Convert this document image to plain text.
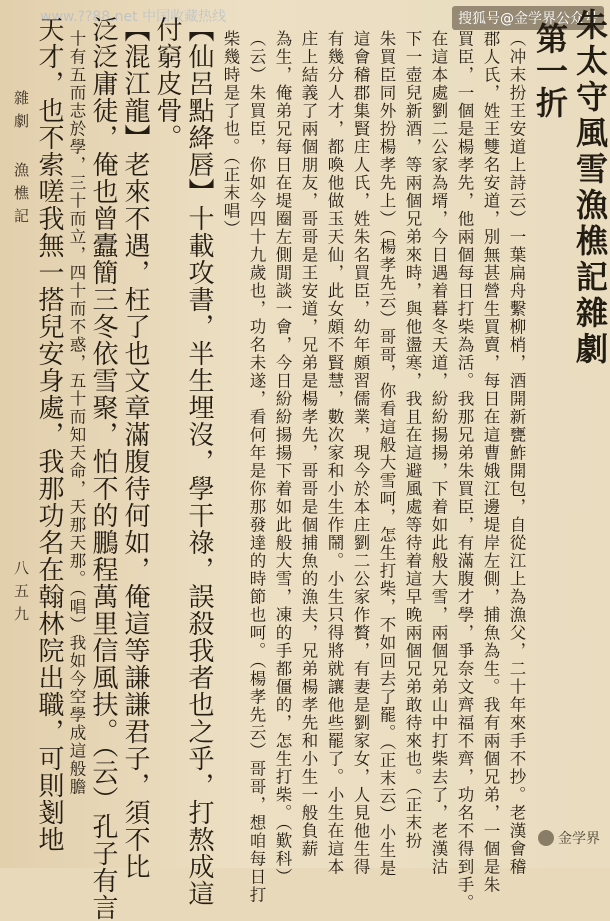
www.??88.net 中国收藏热线	搜狐号@金学界公众号
朱太守風雪漁樵記雜劇
第一折
（冲末扮王安道上詩云）一葉扁舟繫柳梢，酒開新甕鮓開包，自從江上為漁父，二十年來手不抄。老漢會稽
郡人氏，姓王雙名安道，別無甚營生買賣，每日在這曹娥江邊堤岸左側，捕魚為生。我有兩個兄弟，一個是朱
買臣，一個是楊孝先，他兩個每日打柴為活。我那兄弟朱買臣，有滿腹才學，爭奈文齊福不齊，功名不得到手。
在這本處劉二公家為壻，今日遇着暮冬天道，紛紛揚揚，下着如此般大雪，兩個兄弟山中打柴去了，老漢沽
下一壺兒新酒，等兩個兄弟來時，與他盪寒，我且在這避風處等待着這早晚兩個兄弟敢待來也。（正末扮
朱買臣同外扮楊孝先上）（楊孝先云）哥哥，你看這般大雪呵，怎生打柴，不如回去了罷。（正末云）小生是
這會稽郡集賢庄人氏，姓朱名買臣，幼年頗習儒業，現今於本庄劉二公家作贅，有妻是劉家女，人見他生得
有幾分人才，都喚他做玉天仙，此女頗不賢慧，數次家和小生作鬧。小生只得將就讓他些罷了。小生在這本
庄上結義了兩個朋友，哥哥是王安道，兄弟是楊孝先，哥哥是個捕魚的漁夫，兄弟楊孝先和小生一般負薪
為生，俺弟兄每日在堤圈左側閒談一會，今日紛紛揚揚下着如此般大雪，凍的手都僵的，怎生打柴。（歎科）
（云）朱買臣，你如今四十九歲也，功名未遂，看何年是你那發達的時節也呵。（楊孝先云）哥哥，想咱每日打
柴幾時是了也。（正末唱）
【仙呂點絳唇】十載攻書，半生埋沒，學干祿，誤殺我者也之乎，打熬成這
付窮皮骨。
【混江龍】老來不遇，枉了也文章滿腹待何如，俺這等謙謙君子，須不比
泛泛庸徒，俺也曾蠹簡三冬依雪聚，怕不的鵬程萬里信風扶。（云）孔子有言
十有五而志於學，三十而立，四十而不惑，五十而知天命，天那天那。（唱）我如今空學成這般膽
天才，也不索嗟我無一搭兒安身處，我那功名在翰林院出職，可則剗地
雜劇 漁樵記
八五九
金学界
